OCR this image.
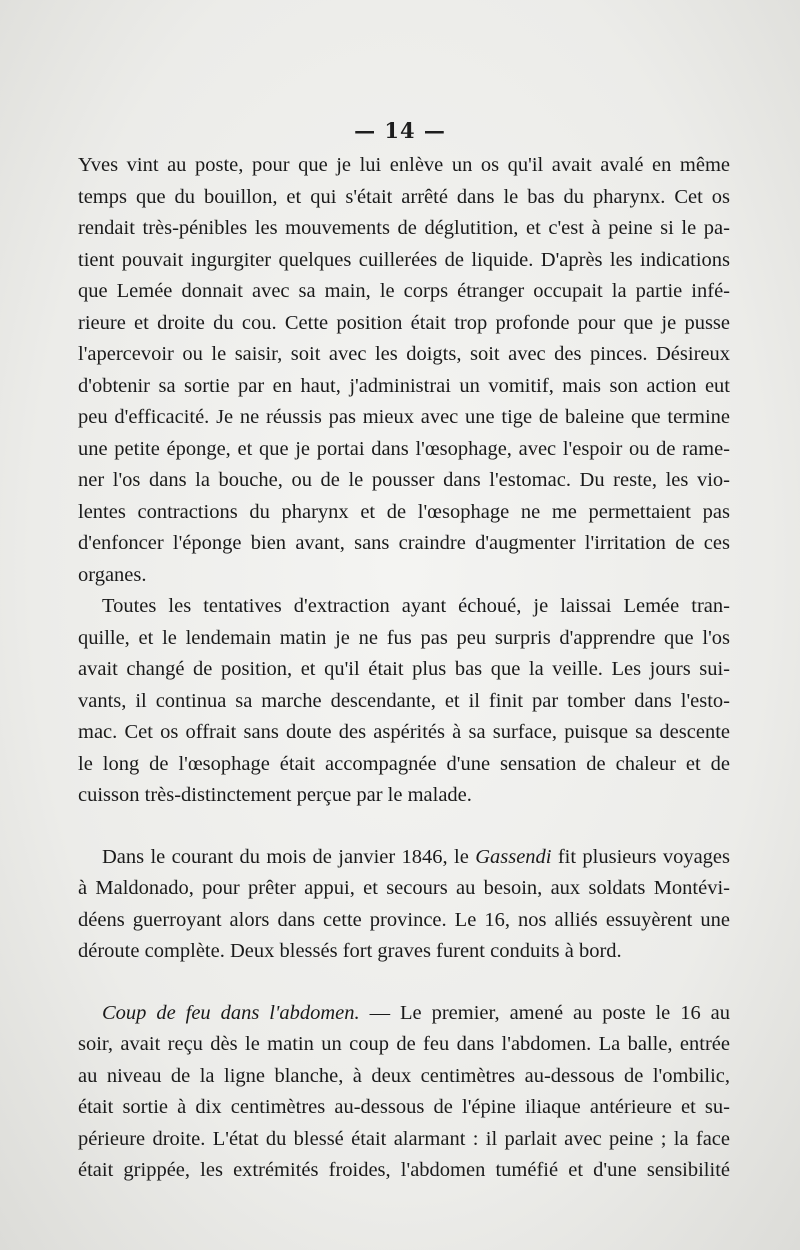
— 14 —
Yves vint au poste, pour que je lui enlève un os qu'il avait avalé en même
temps que du bouillon, et qui s'était arrêté dans le bas du pharynx. Cet os
rendait très-pénibles les mouvements de déglutition, et c'est à peine si le pa-
tient pouvait ingurgiter quelques cuillerées de liquide. D'après les indications
que Lemée donnait avec sa main, le corps étranger occupait la partie infé-
rieure et droite du cou. Cette position était trop profonde pour que je pusse
l'apercevoir ou le saisir, soit avec les doigts, soit avec des pinces. Désireux
d'obtenir sa sortie par en haut, j'administrai un vomitif, mais son action eut
peu d'efficacité. Je ne réussis pas mieux avec une tige de baleine que termine
une petite éponge, et que je portai dans l'œsophage, avec l'espoir ou de rame-
ner l'os dans la bouche, ou de le pousser dans l'estomac. Du reste, les vio-
lentes contractions du pharynx et de l'œsophage ne me permettaient pas
d'enfoncer l'éponge bien avant, sans craindre d'augmenter l'irritation de ces
organes.
Toutes les tentatives d'extraction ayant échoué, je laissai Lemée tran-
quille, et le lendemain matin je ne fus pas peu surpris d'apprendre que l'os
avait changé de position, et qu'il était plus bas que la veille. Les jours sui-
vants, il continua sa marche descendante, et il finit par tomber dans l'esto-
mac. Cet os offrait sans doute des aspérités à sa surface, puisque sa descente
le long de l'œsophage était accompagnée d'une sensation de chaleur et de
cuisson très-distinctement perçue par le malade.
Dans le courant du mois de janvier 1846, le Gassendi fit plusieurs voyages
à Maldonado, pour prêter appui, et secours au besoin, aux soldats Montévi-
déens guerroyant alors dans cette province. Le 16, nos alliés essuyèrent une
déroute complète. Deux blessés fort graves furent conduits à bord.
Coup de feu dans l'abdomen. — Le premier, amené au poste le 16 au
soir, avait reçu dès le matin un coup de feu dans l'abdomen. La balle, entrée
au niveau de la ligne blanche, à deux centimètres au-dessous de l'ombilic,
était sortie à dix centimètres au-dessous de l'épine iliaque antérieure et su-
périeure droite. L'état du blessé était alarmant : il parlait avec peine ; la face
était grippée, les extrémités froides, l'abdomen tuméfié et d'une sensibilité
